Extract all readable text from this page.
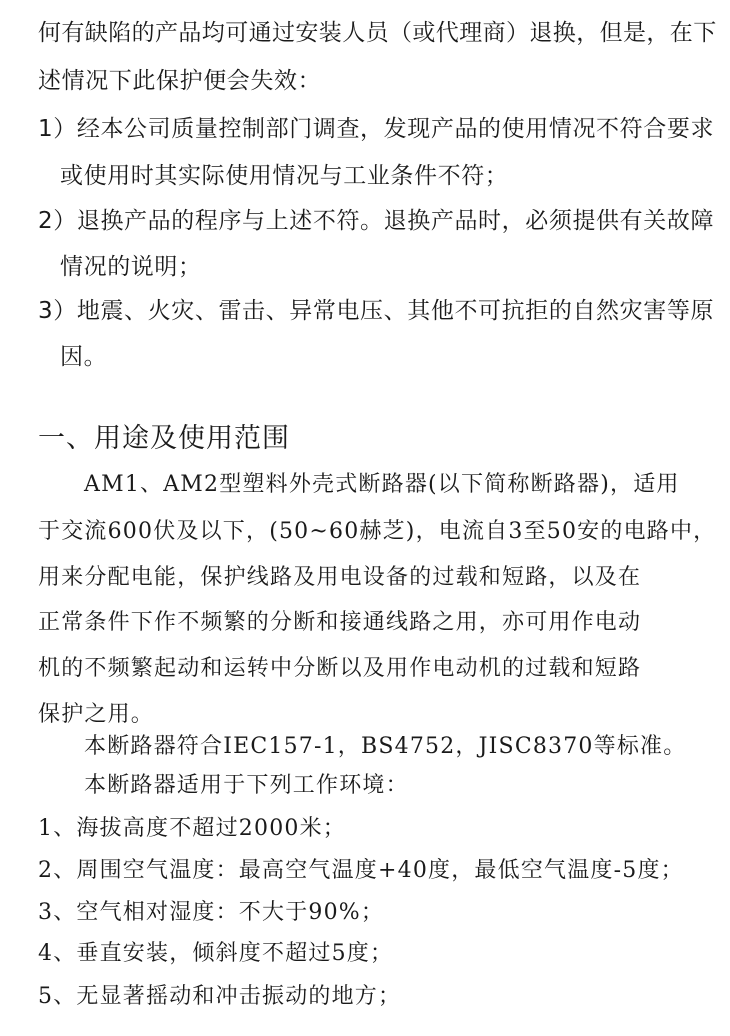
何有缺陷的产品均可通过安装人员（或代理商）退换，但是，在下
述情况下此保护便会失效：
1）经本公司质量控制部门调查，发现产品的使用情况不符合要求
或使用时其实际使用情况与工业条件不符；
2）退换产品的程序与上述不符。退换产品时，必须提供有关故障
情况的说明；
3）地震、火灾、雷击、异常电压、其他不可抗拒的自然灾害等原
因。
一、用途及使用范围
AM1、AM2型塑料外壳式断路器(以下简称断路器)，适用
于交流600伏及以下，(50~60赫芝)，电流自3至50安的电路中，
用来分配电能，保护线路及用电设备的过载和短路，以及在
正常条件下作不频繁的分断和接通线路之用，亦可用作电动
机的不频繁起动和运转中分断以及用作电动机的过载和短路
保护之用。
本断路器符合IEC157-1，BS4752，JISC8370等标准。
本断路器适用于下列工作环境：
1、海拔高度不超过2000米；
2、周围空气温度：最高空气温度+40度，最低空气温度-5度；
3、空气相对湿度：不大于90%；
4、垂直安装，倾斜度不超过5度；
5、无显著摇动和冲击振动的地方；
